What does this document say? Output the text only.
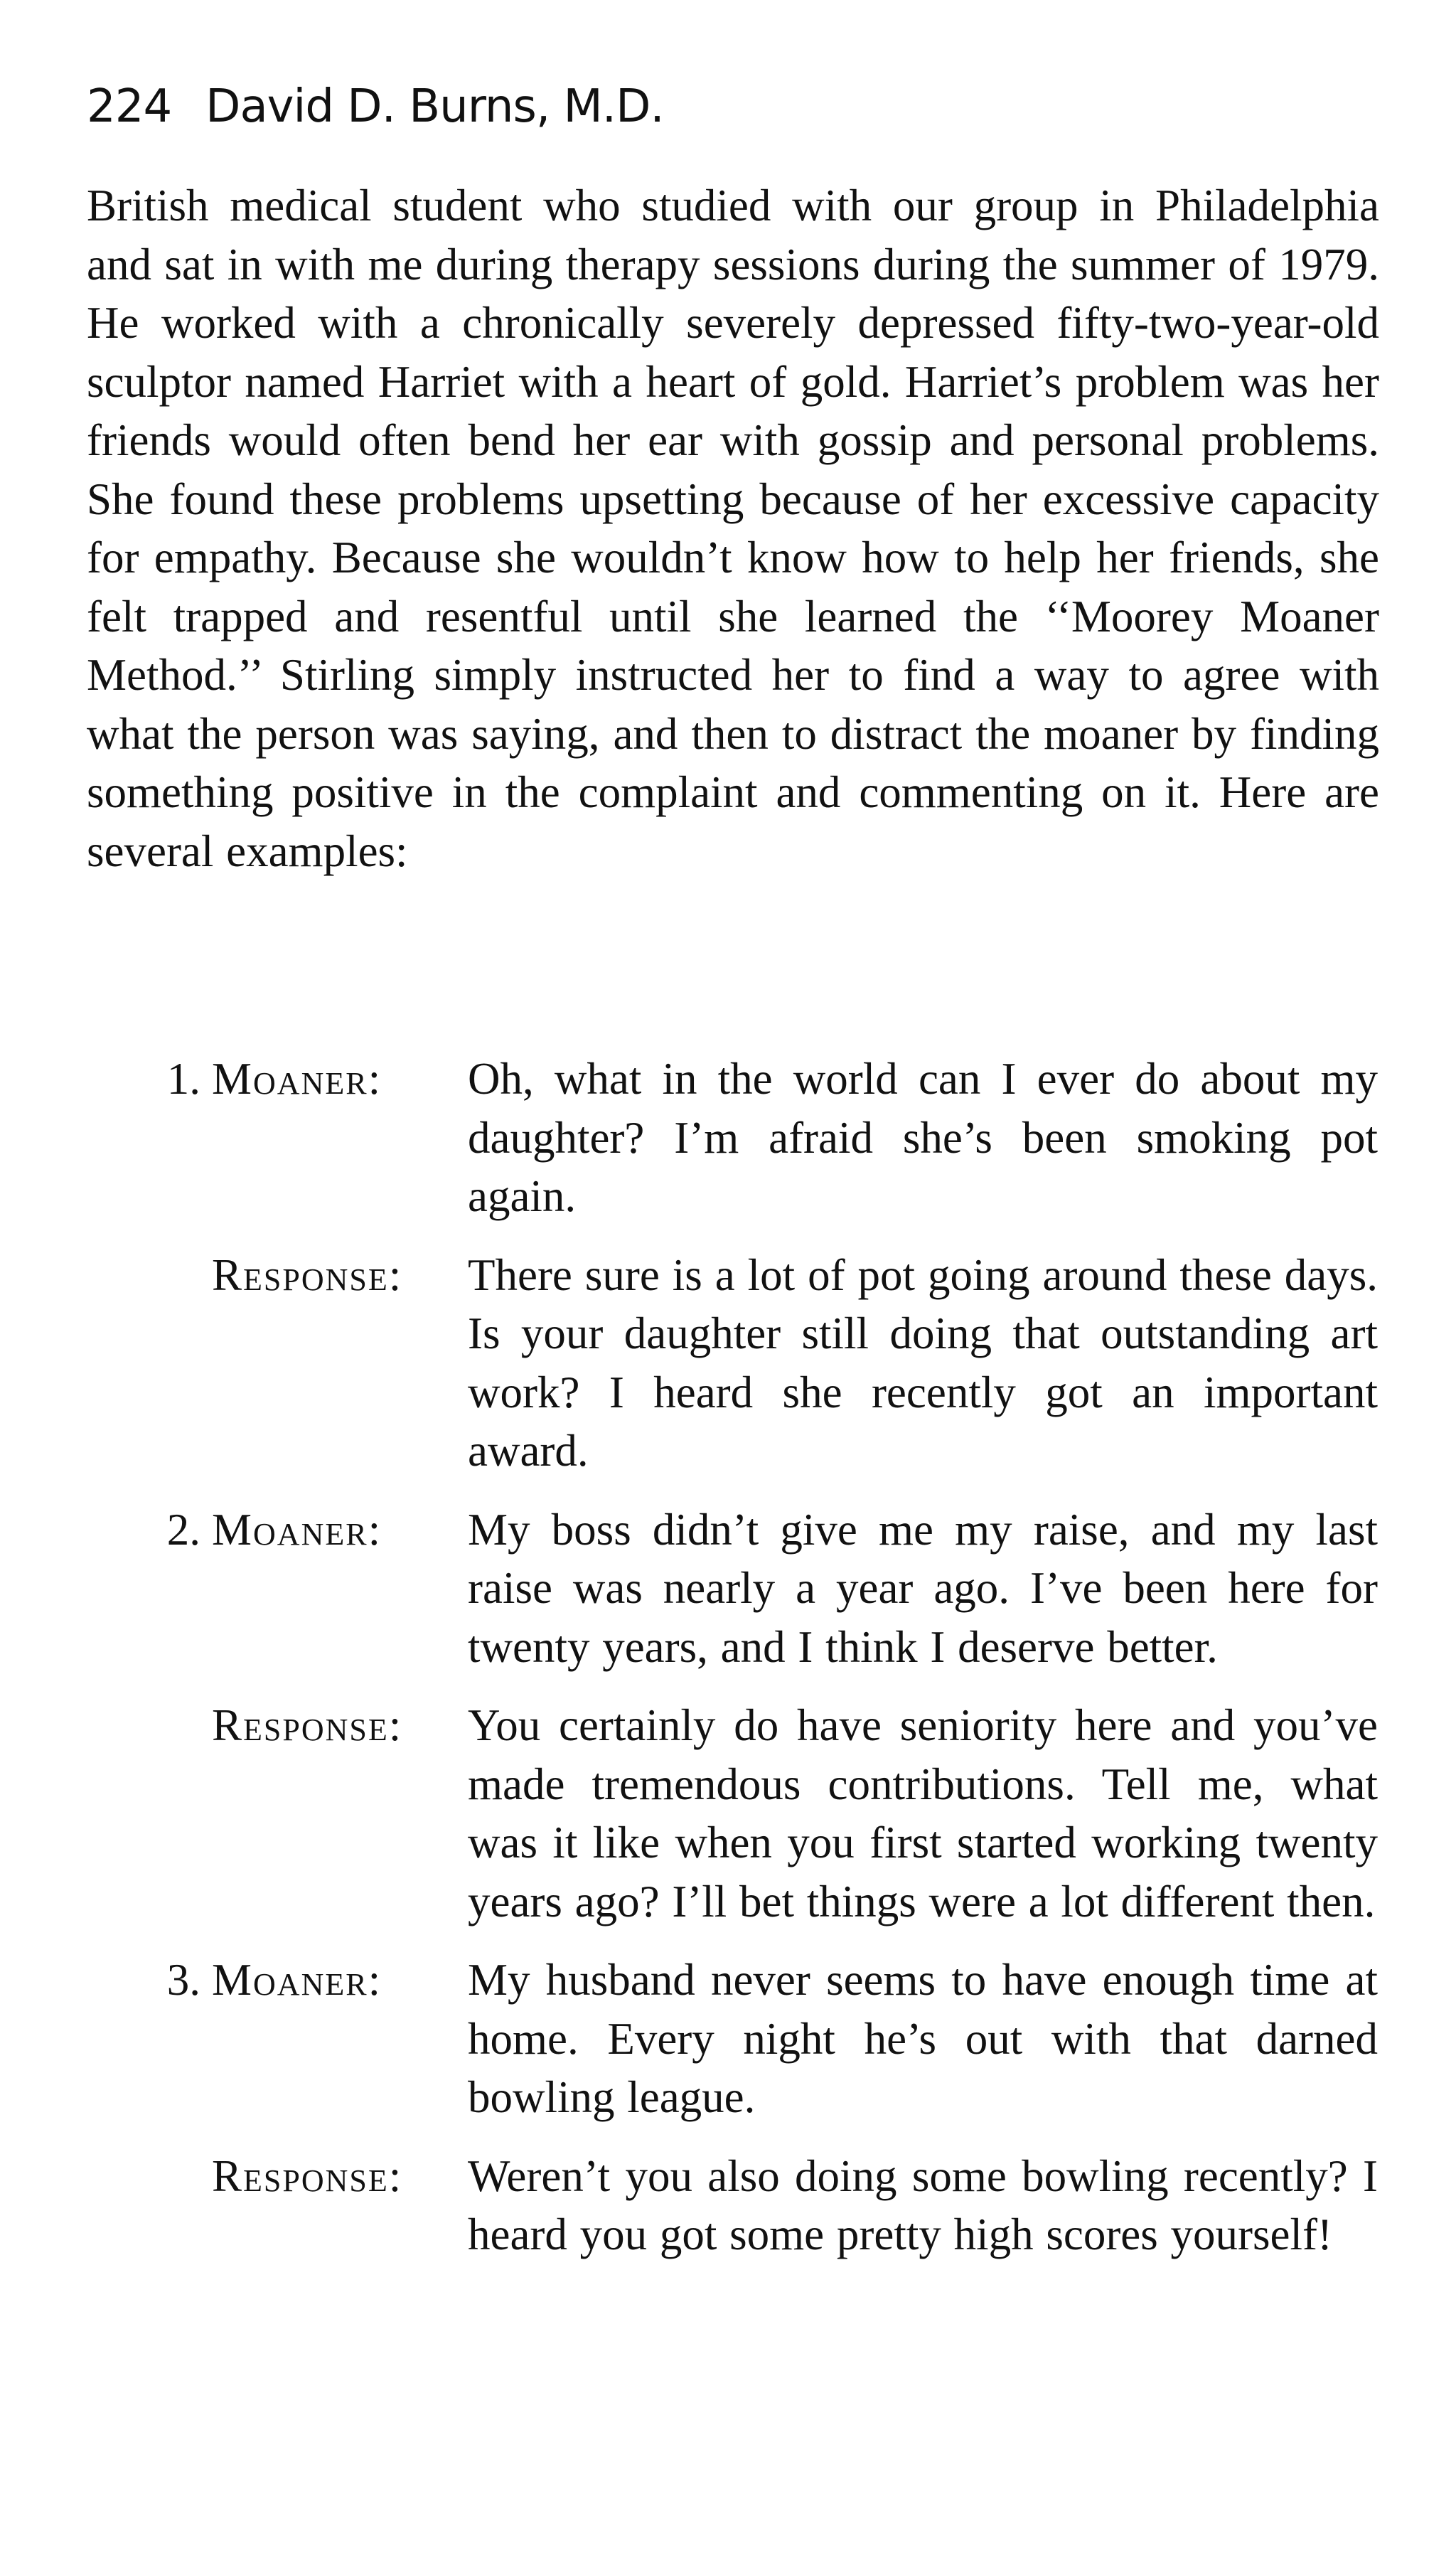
224 David D. Burns, M.D.
British medical student who studied with our group in Philadelphia and sat in with me during therapy sessions during the summer of 1979. He worked with a chronically severely depressed fifty-two-year-old sculptor named Harriet with a heart of gold. Harriet’s problem was her friends would often bend her ear with gossip and personal problems. She found these problems upsetting because of her excessive capacity for empathy. Because she wouldn’t know how to help her friends, she felt trapped and resentful until she learned the ‘‘Moorey Moaner Method.’’ Stirling simply instructed her to find a way to agree with what the person was saying, and then to distract the moaner by finding something positive in the complaint and commenting on it. Here are several examples:
1. Moaner: Oh, what in the world can I ever do about my daughter? I’m afraid she’s been smoking pot again.
Response: There sure is a lot of pot going around these days. Is your daughter still doing that outstanding art work? I heard she recently got an important award.
2. Moaner: My boss didn’t give me my raise, and my last raise was nearly a year ago. I’ve been here for twenty years, and I think I deserve better.
Response: You certainly do have seniority here and you’ve made tremendous contributions. Tell me, what was it like when you first started working twenty years ago? I’ll bet things were a lot different then.
3. Moaner: My husband never seems to have enough time at home. Every night he’s out with that darned bowling league.
Response: Weren’t you also doing some bowling recently? I heard you got some pretty high scores yourself!
